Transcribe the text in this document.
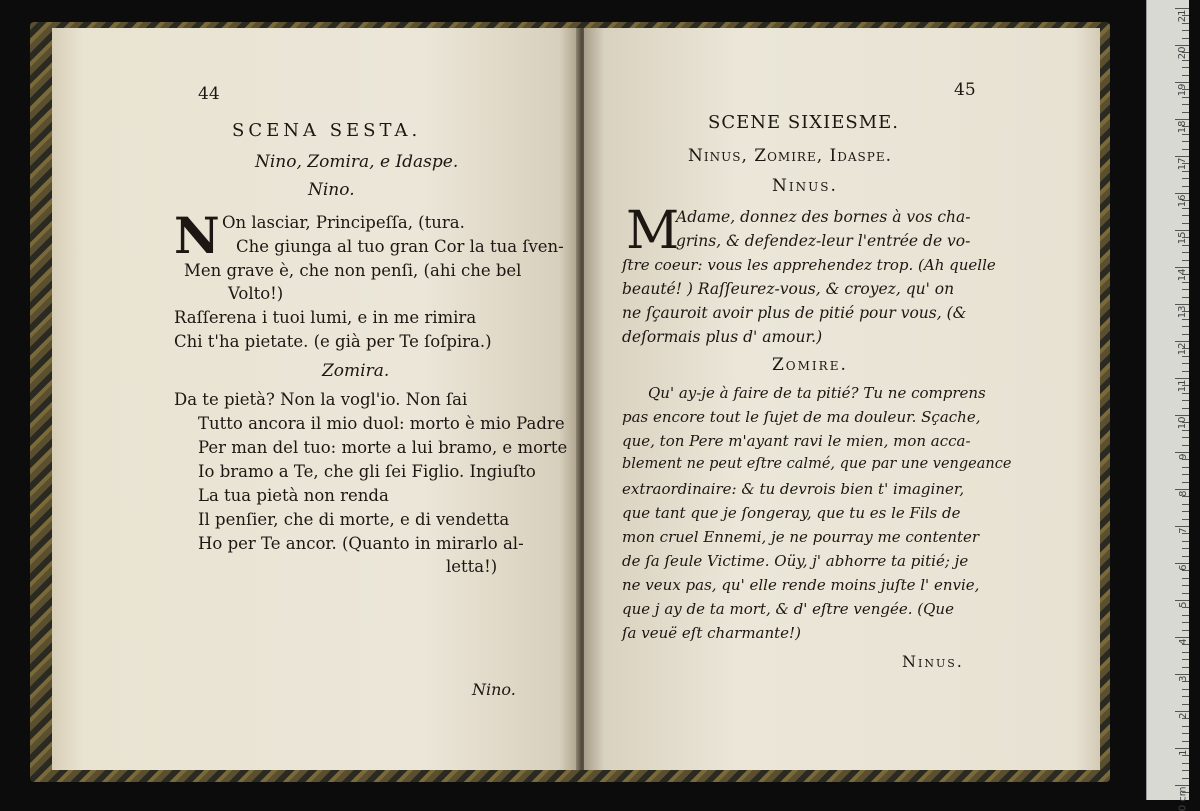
44
SCENA SESTA.
Nino, Zomira, e Idaspe.
Nino.
N On lasciar, Principeſſa, (tura.
Che giunga al tuo gran Cor la tua ſven-
Men grave è, che non penſi, (ahi che bel
Volto!)
Raſſerena i tuoi lumi, e in me rimira
Chi t'ha pietate. (e già per Te ſoſpira.)
Zomira.
Da te pietà? Non la vogl'io. Non ſai
Tutto ancora il mio duol: morto è mio Padre
Per man del tuo: morte a lui bramo, e morte
Io bramo a Te, che gli ſei Figlio. Ingiuſto
La tua pietà non renda
Il penſier, che di morte, e di vendetta
Ho per Te ancor. (Quanto in mirarlo al-
letta!)
Nino.
45
SCENE SIXIESME.
Ninus, Zomire, Idaspe.
Ninus.
M
Adame, donnez des bornes à vos cha-
grins, & defendez-leur l'entrée de vo-
ſtre coeur: vous les apprehendez trop. (Ah quelle
beauté! ) Raſſeurez-vous, & croyez, qu' on
ne ſçauroit avoir plus de pitié pour vous, (&
deſormais plus d' amour.)
Zomire.
Qu' ay-je à faire de ta pitié? Tu ne comprens
pas encore tout le ſujet de ma douleur. Sçache,
que, ton Pere m'ayant ravi le mien, mon acca-
blement ne peut eſtre calmé, que par une vengeance
extraordinaire: & tu devrois bien t' imaginer,
que tant que je ſongeray, que tu es le Fils de
mon cruel Ennemi, je ne pourray me contenter
de ſa ſeule Victime. Oüy, j' abhorre ta pitié; je
ne veux pas, qu' elle rende moins juſte l' envie,
que j ay de ta mort, & d' eſtre vengée. (Que
ſa veuë eſt charmante!)
Ninus.
21
20
19
18
17
16
15
14
13
12
11
10
9
8
7
6
5
4
3
2
1
0 cm
